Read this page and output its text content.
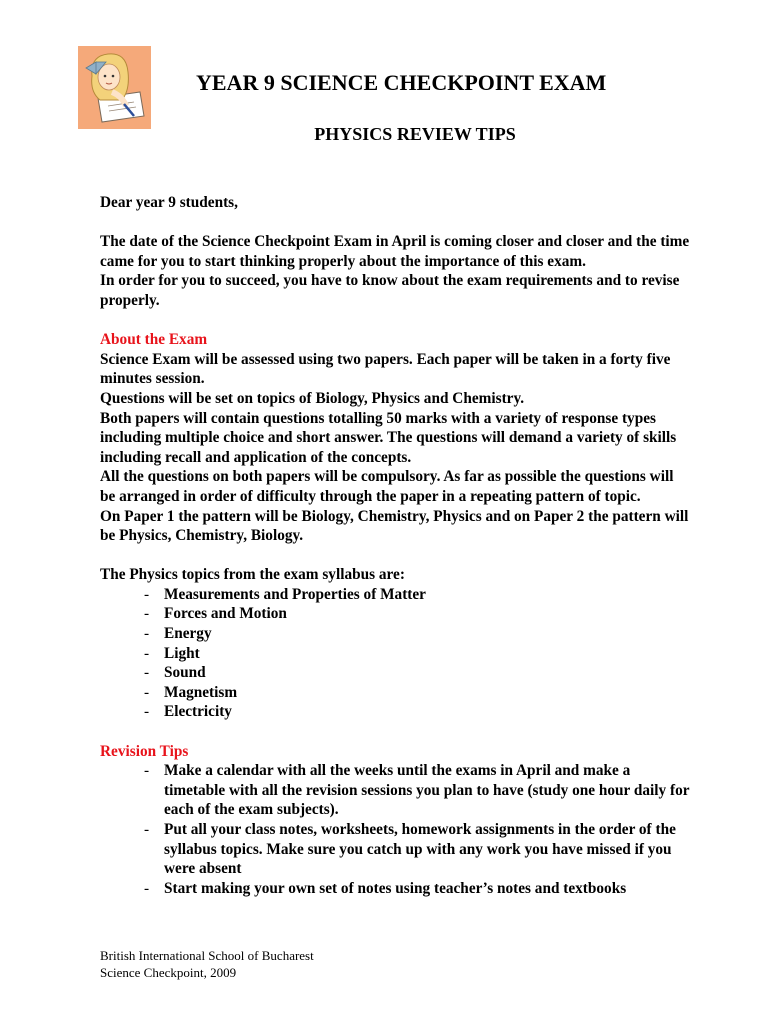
YEAR 9 SCIENCE CHECKPOINT EXAM
PHYSICS REVIEW TIPS

Dear year 9 students,

The date of the Science Checkpoint Exam in April is coming closer and closer and the time came for you to start thinking properly about the importance of this exam.

In order for you to succeed, you have to know about the exam requirements and to revise properly.

About the Exam

Science Exam will be assessed using two papers. Each paper will be taken in a forty five minutes session.

Questions will be set on topics of Biology, Physics and Chemistry.

Both papers will contain questions totalling 50 marks with a variety of response types including multiple choice and short answer. The questions will demand a variety of skills including recall and application of the concepts.

All the questions on both papers will be compulsory. As far as possible the questions will be arranged in order of difficulty through the paper in a repeating pattern of topic.

On Paper 1 the pattern will be Biology, Chemistry, Physics and on Paper 2 the pattern will be Physics, Chemistry, Biology.

The Physics topics from the exam syllabus are:

- Measurements and Properties of Matter
- Forces and Motion
- Energy
- Light
- Sound
- Magnetism
- Electricity

Revision Tips

- Make a calendar with all the weeks until the exams in April and make a timetable with all the revision sessions you plan to have (study one hour daily for each of the exam subjects).
- Put all your class notes, worksheets, homework assignments in the order of the syllabus topics. Make sure you catch up with any work you have missed if you were absent
- Start making your own set of notes using teacher’s notes and textbooks
British International School of Bucharest
Science Checkpoint, 2009
